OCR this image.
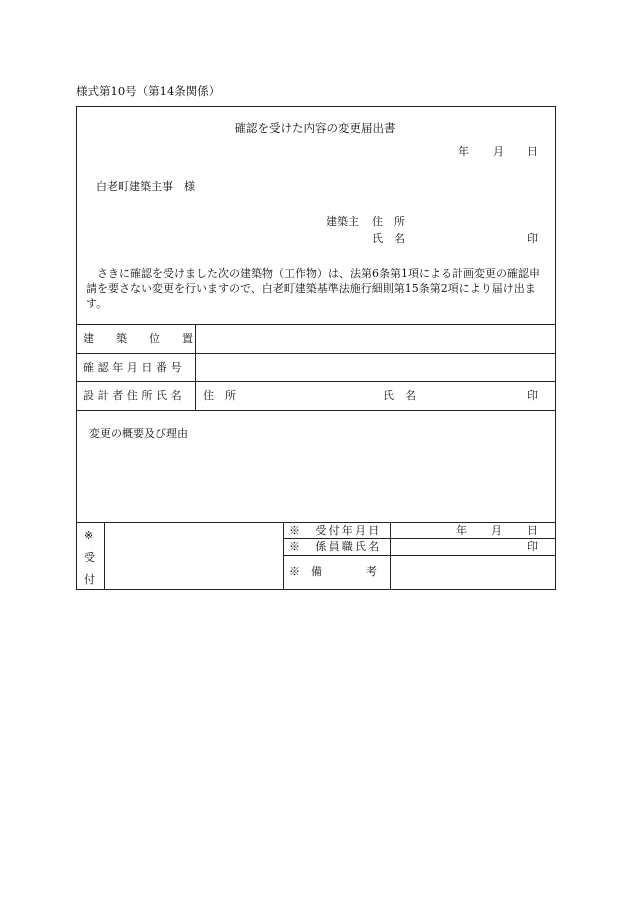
様式第10号（第14条関係）
確認を受けた内容の変更届出書
年 月 日
白老町建築主事　様
建築主 住　所
氏　名	印
さきに確認を受けました次の建築物（工作物）は、法第6条第1項による計画変更の確認申請を要さない変更を行いますので、白老町建築基準法施行細則第15条第2項により届け出ます。
建　　築　　位　　置
確認年月日番号
設計者住所氏名 住　所	氏　名	印
変更の概要及び理由
※
受
付
※　受付年月日	年 月 日
※　係員職氏名	印
※　備　　　　考
